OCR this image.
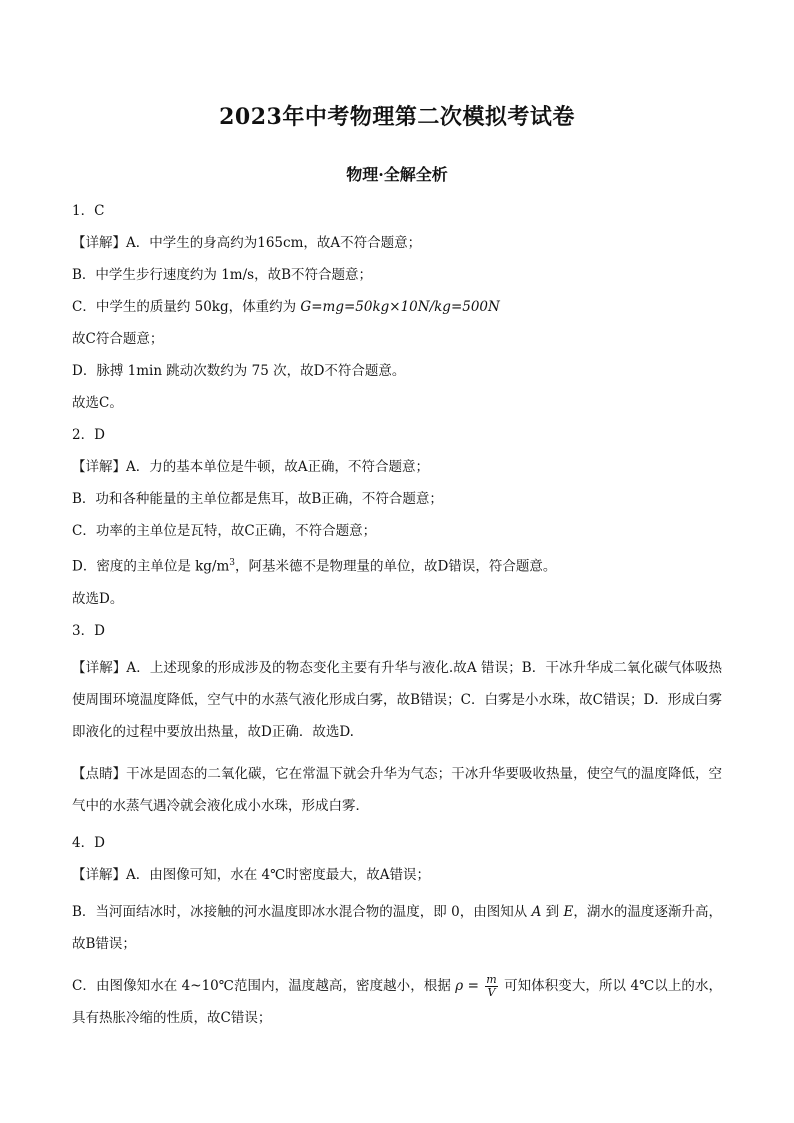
2023年中考物理第二次模拟考试卷
物理·全解全析
1．C
【详解】A．中学生的身高约为165cm，故A不符合题意；
B．中学生步行速度约为 1m/s，故B不符合题意；
C．中学生的质量约 50kg，体重约为 G=mg=50kg×10N/kg=500N
故C符合题意；
D．脉搏 1min 跳动次数约为 75 次，故D不符合题意。
故选C。
2．D
【详解】A．力的基本单位是牛顿，故A正确，不符合题意；
B．功和各种能量的主单位都是焦耳，故B正确，不符合题意；
C．功率的主单位是瓦特，故C正确，不符合题意；
D．密度的主单位是 $kg/m^3$，阿基米德不是物理量的单位，故D错误，符合题意。
故选D。
3．D
【详解】A．上述现象的形成涉及的物态变化主要有升华与液化.故A 错误；B．干冰升华成二氧化碳气体吸热使周围环境温度降低，空气中的水蒸气液化形成白雾，故B错误；C．白雾是小水珠，故C错误；D．形成白雾即液化的过程中要放出热量，故D正确．故选D.
【点睛】干冰是固态的二氧化碳，它在常温下就会升华为气态；干冰升华要吸收热量，使空气的温度降低，空气中的水蒸气遇冷就会液化成小水珠，形成白雾．
4．D
【详解】A．由图像可知，水在 4℃时密度最大，故A错误；
B．当河面结冰时，冰接触的河水温度即冰水混合物的温度，即 0，由图知从 A 到 E，湖水的温度逐渐升高，故B错误；
C．由图像知水在 4~10℃范围内，温度越高，密度越小，根据 $\rho = \frac{m}{V}$ 可知体积变大，所以 4℃以上的水，具有热胀冷缩的性质，故C错误；
